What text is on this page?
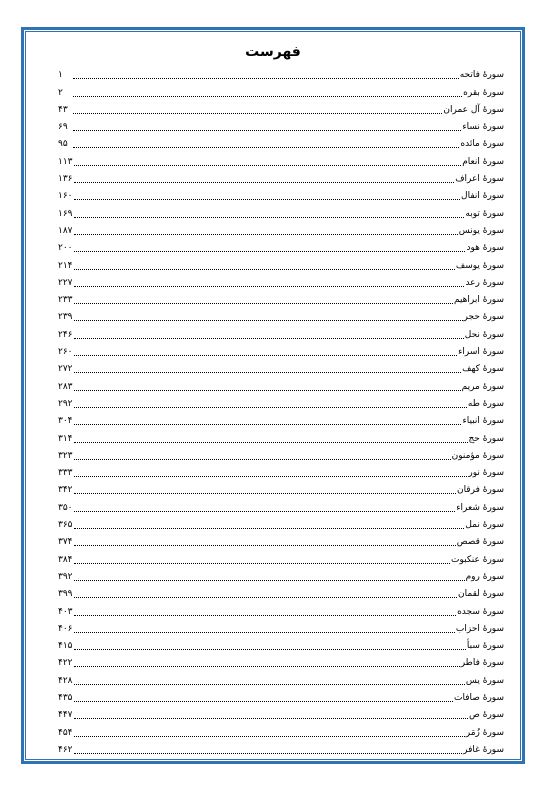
فهرست
سورهٔ فاتحه
۱
سورهٔ بقره
۲
سورهٔ آل عمران
۴۳
سورهٔ نساء
۶۹
سورهٔ مائده
۹۵
سورهٔ انعام
۱۱۳
سورهٔ اعراف
۱۳۶
سورهٔ انفال
۱۶۰
سورهٔ توبه
۱۶۹
سورهٔ یونس
۱۸۷
سورهٔ هود
۲۰۰
سورهٔ یوسف
۲۱۴
سورهٔ رعد
۲۲۷
سورهٔ ابراهیم
۲۳۳
سورهٔ حجر
۲۳۹
سورهٔ نحل
۲۴۶
سورهٔ اسراء
۲۶۰
سورهٔ کهف
۲۷۲
سورهٔ مریم
۲۸۳
سورهٔ طه
۲۹۲
سورهٔ انبیاء
۳۰۴
سورهٔ حج
۳۱۴
سورهٔ مؤمنون
۳۲۳
سورهٔ نور
۳۳۳
سورهٔ فرقان
۳۴۲
سورهٔ شعراء
۳۵۰
سورهٔ نمل
۳۶۵
سورهٔ قصص
۳۷۴
سورهٔ عنکبوت
۳۸۴
سورهٔ روم
۳۹۲
سورهٔ لقمان
۳۹۹
سورهٔ سجده
۴۰۳
سورهٔ احزاب
۴۰۶
سورهٔ سبأ
۴۱۵
سورهٔ فاطر
۴۲۲
سورهٔ یس
۴۲۸
سورهٔ صافات
۴۳۵
سورهٔ ص
۴۴۷
سورهٔ زُمَر
۴۵۴
سورهٔ غافر
۴۶۲
